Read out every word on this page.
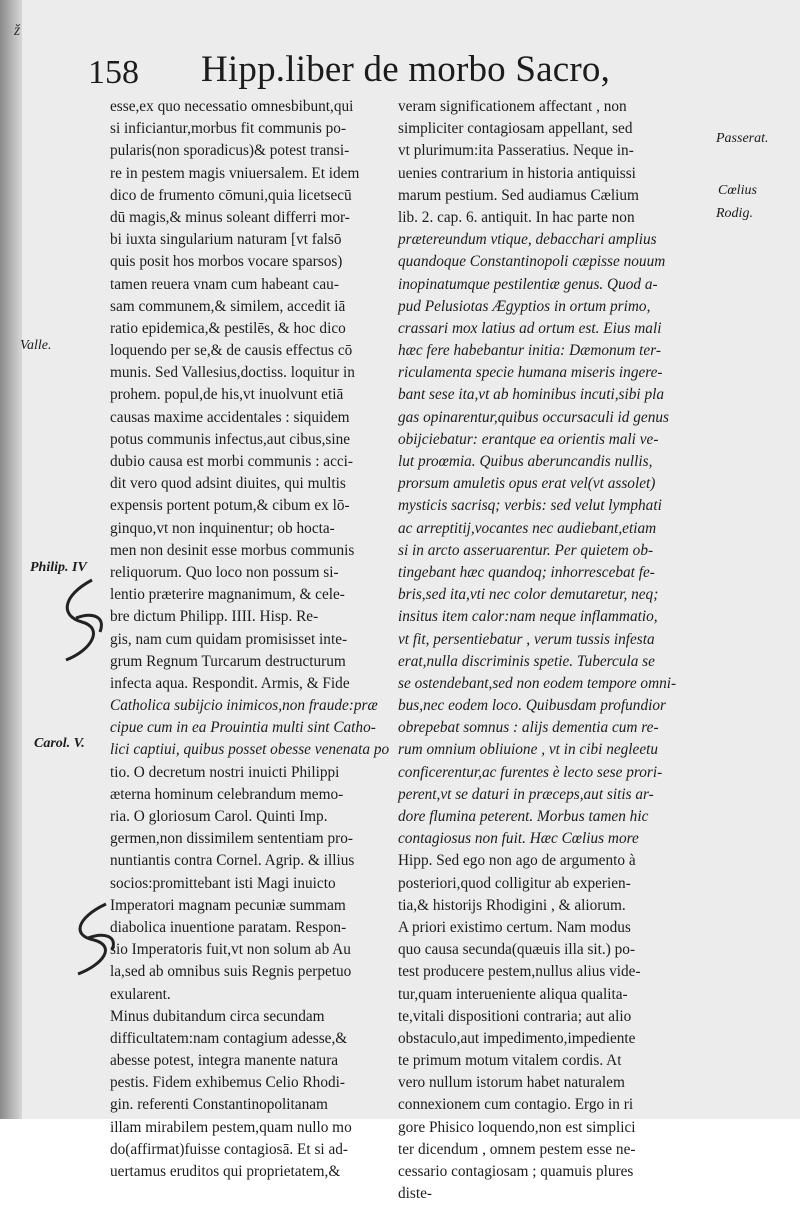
ž
158 Hipp.liber de morbo Sacro,
esse,ex quo necessatio omnesbibunt,qui
si inficiantur,morbus fit communis po-
pularis(non sporadicus)& potest transi-
re in pestem magis vniuersalem. Et idem
dico de frumento cōmuni,quia licetsecū
dū magis,& minus soleant differri mor-
bi iuxta singularium naturam [vt falsō
quis posit hos morbos vocare sparsos)
tamen reuera vnam cum habeant cau-
sam communem,& similem, accedit iā
ratio epidemica,& pestilēs, & hoc dico
loquendo per se,& de causis effectus cō
munis. Sed Vallesius,doctiss. loquitur in
prohem. popul,de his,vt inuolvunt etiā
causas maxime accidentales : siquidem
potus communis infectus,aut cibus,sine
dubio causa est morbi communis : acci-
dit vero quod adsint diuites, qui multis
expensis portent potum,& cibum ex lō-
ginquo,vt non inquinentur; ob hocta-
men non desinit esse morbus communis
reliquorum. Quo loco non possum si-
lentio prӕterire magnanimum, & cele-
bre dictum Philipp. IIII. Hisp. Re-
gis, nam cum quidam promisisset inte-
grum Regnum Turcarum destructurum
infecta aqua. Respondit. Armis, & Fide
Catholica subijcio inimicos,non fraude:prӕ
cipue cum in ea Prouintia multi sint Catho-
lici captiui, quibus posset obesse venenata po
tio. O decretum nostri inuicti Philippi
ӕterna hominum celebrandum memo-
ria. O gloriosum Carol. Quinti Imp.
germen,non dissimilem sententiam pro-
nuntiantis contra Cornel. Agrip. & illius
socios:promittebant isti Magi inuicto
Imperatori magnam pecuniӕ summam
diabolica inuentione paratam. Respon-
sio Imperatoris fuit,vt non solum ab Au
la,sed ab omnibus suis Regnis perpetuo
exularent.
Minus dubitandum circa secundam
difficultatem:nam contagium adesse,&
abesse potest, integra manente natura
pestis. Fidem exhibemus Celio Rhodi-
gin. referenti Constantinopolitanam
illam mirabilem pestem,quam nullo mo
do(affirmat)fuisse contagiosā. Et si ad-
uertamus eruditos qui proprietatem,&
veram significationem affectant , non
simpliciter contagiosam appellant, sed
vt plurimum:ita Passeratius. Neque in-
uenies contrarium in historia antiquissi
marum pestium. Sed audiamus Cӕlium
lib. 2. cap. 6. antiquit. In hac parte non
prӕtereundum vtique, debacchari amplius
quandoque Constantinopoli cӕpisse nouum
inopinatumque pestilentiӕ genus. Quod a-
pud Pelusiotas Ӕgyptios in ortum primo,
crassari mox latius ad ortum est. Eius mali
hӕc fere habebantur initia: Dӕmonum ter-
riculamenta specie humana miseris ingere-
bant sese ita,vt ab hominibus incuti,sibi pla
gas opinarentur,quibus occursaculi id genus
obijciebatur: erantque ea orientis mali ve-
lut proœmia. Quibus aberuncandis nullis,
prorsum amuletis opus erat vel(vt assolet)
mysticis sacrisq; verbis: sed velut lymphati
ac arreptitij,vocantes nec audiebant,etiam
si in arcto asseruarentur. Per quietem ob-
tingebant hӕc quandoq; inhorrescebat fe-
bris,sed ita,vti nec color demutaretur, neq;
insitus item calor:nam neque inflammatio,
vt fit, persentiebatur , verum tussis infesta
erat,nulla discriminis spetie. Tubercula se
se ostendebant,sed non eodem tempore omni-
bus,nec eodem loco. Quibusdam profundior
obrepebat somnus : alijs dementia cum re-
rum omnium obliuione , vt in cibi negleetu
conficerentur,ac furentes è lecto sese prori-
perent,vt se daturi in prӕceps,aut sitis ar-
dore flumina peterent. Morbus tamen hic
contagiosus non fuit. Hӕc Cœlius more
Hipp. Sed ego non ago de argumento à
posteriori,quod colligitur ab experien-
tia,& historijs Rhodigini , & aliorum.
A priori existimo certum. Nam modus
quo causa secunda(quӕuis illa sit.) po-
test producere pestem,nullus alius vide-
tur,quam interueniente aliqua qualita-
te,vitali dispositioni contraria; aut alio
obstaculo,aut impedimento,impediente
te primum motum vitalem cordis. At
vero nullum istorum habet naturalem
connexionem cum contagio. Ergo in ri
gore Phisico loquendo,non est simplici
ter dicendum , omnem pestem esse ne-
cessario contagiosam ; quamuis plures
diste-
Passerat.
Cœlius
Rodig.
Valle.
Philip. IV
Carol. V.
